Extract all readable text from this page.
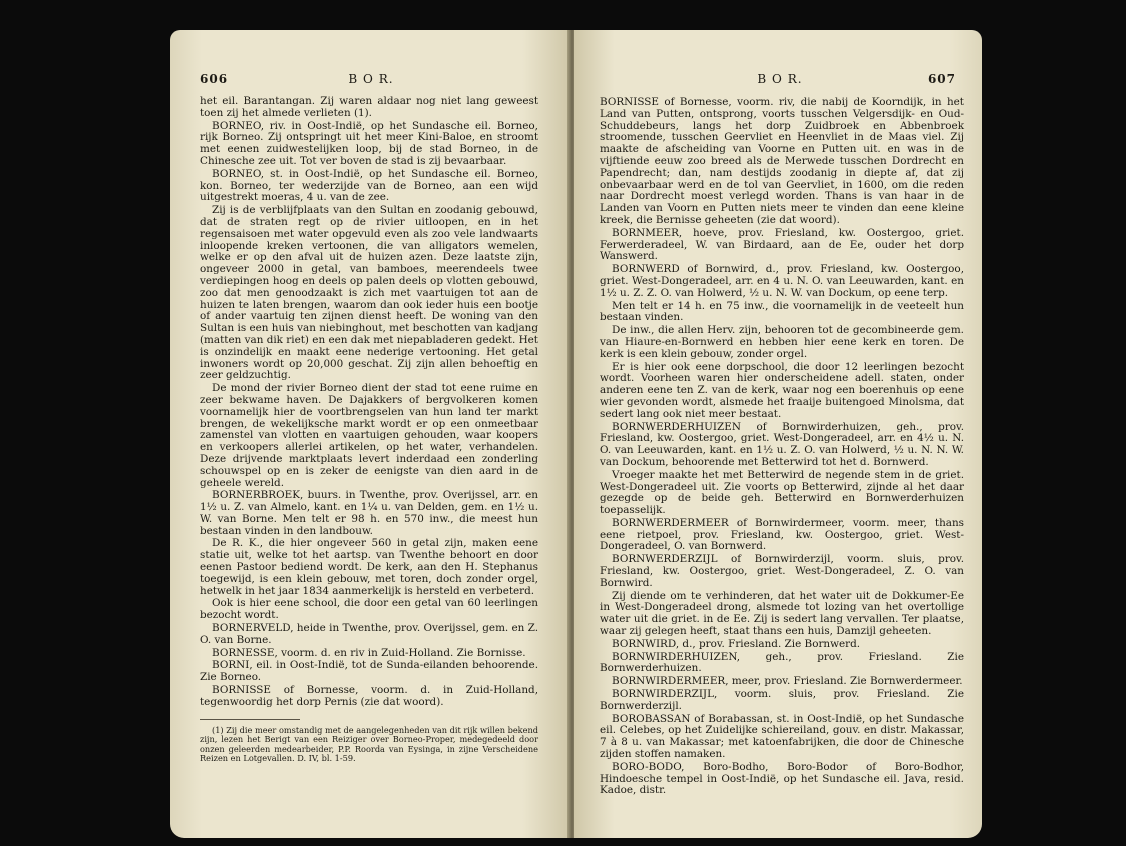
606	B O R.

het eil. Barantangan. Zij waren aldaar nog niet lang geweest toen zij het almede verlieten (1).

BORNEO, riv. in Oost-Indië, op het Sundasche eil. Borneo, rijk Borneo. Zij ontspringt uit het meer Kini-Baloe, en stroomt met eenen zuidwestelijken loop, bij de stad Borneo, in de Chinesche zee uit. Tot ver boven de stad is zij bevaarbaar.

BORNEO, st. in Oost-Indië, op het Sundasche eil. Borneo, kon. Borneo, ter wederzijde van de Borneo, aan een wijd uitgestrekt moeras, 4 u. van de zee.

Zij is de verblijfplaats van den Sultan en zoodanig gebouwd, dat de straten regt op de rivier uitloopen, en in het regensaisoen met water opgevuld even als zoo vele landwaarts inloopende kreken vertoonen, die van alligators wemelen, welke er op den afval uit de huizen azen. Deze laatste zijn, ongeveer 2000 in getal, van bamboes, meerendeels twee verdiepingen hoog en deels op palen deels op vlotten gebouwd, zoo dat men genoodzaakt is zich met vaartuigen tot aan de huizen te laten brengen, waarom dan ook ieder huis een bootje of ander vaartuig ten zijnen dienst heeft. De woning van den Sultan is een huis van niebinghout, met beschotten van kadjang (matten van dik riet) en een dak met niepabladeren gedekt. Het is onzindelijk en maakt eene nederige vertooning. Het getal inwoners wordt op 20,000 geschat. Zij zijn allen behoeftig en zeer geldzuchtig.

De mond der rivier Borneo dient der stad tot eene ruime en zeer bekwame haven. De Dajakkers of bergvolkeren komen voornamelijk hier de voortbrengselen van hun land ter markt brengen, de wekelijksche markt wordt er op een onmeetbaar zamenstel van vlotten en vaartuigen gehouden, waar koopers en verkoopers allerlei artikelen, op het water, verhandelen. Deze drijvende marktplaats levert inderdaad een zonderling schouwspel op en is zeker de eenigste van dien aard in de geheele wereld.

BORNERBROEK, buurs. in Twenthe, prov. Overijssel, arr. en 1½ u. Z. van Almelo, kant. en 1¼ u. van Delden, gem. en 1½ u. W. van Borne. Men telt er 98 h. en 570 inw., die meest hun bestaan vinden in den landbouw.

De R. K., die hier ongeveer 560 in getal zijn, maken eene statie uit, welke tot het aartsp. van Twenthe behoort en door eenen Pastoor bediend wordt. De kerk, aan den H. Stephanus toegewijd, is een klein gebouw, met toren, doch zonder orgel, hetwelk in het jaar 1834 aanmerkelijk is hersteld en verbeterd.

Ook is hier eene school, die door een getal van 60 leerlingen bezocht wordt.

BORNERVELD, heide in Twenthe, prov. Overijssel, gem. en Z. O. van Borne.

BORNESSE, voorm. d. en riv in Zuid-Holland. Zie Bornisse.

BORNI, eil. in Oost-Indië, tot de Sunda-eilanden behoorende. Zie Borneo.

BORNISSE of Bornesse, voorm. d. in Zuid-Holland, tegenwoordig het dorp Pernis (zie dat woord).

(1) Zij die meer omstandig met de aangelegenheden van dit rijk willen bekend zijn, lezen het Berigt van een Reiziger over Borneo-Proper, medegedeeld door onzen geleerden medearbeider, P.P. Roorda van Eysinga, in zijne Verscheidene Reizen en Lotgevallen. D. IV, bl. 1-59.

B O R.	607

BORNISSE of Bornesse, voorm. riv, die nabij de Koorndijk, in het Land van Putten, ontsprong, voorts tusschen Velgersdijk- en Oud-Schuddebeurs, langs het dorp Zuidbroek en Abbenbroek stroomende, tusschen Geervliet en Heenvliet in de Maas viel. Zij maakte de afscheiding van Voorne en Putten uit. en was in de vijftiende eeuw zoo breed als de Merwede tusschen Dordrecht en Papendrecht; dan, nam destijds zoodanig in diepte af, dat zij onbevaarbaar werd en de tol van Geervliet, in 1600, om die reden naar Dordrecht moest verlegd worden. Thans is van haar in de Landen van Voorn en Putten niets meer te vinden dan eene kleine kreek, die Bernisse geheeten (zie dat woord).

BORNMEER, hoeve, prov. Friesland, kw. Oostergoo, griet. Ferwerderadeel, W. van Birdaard, aan de Ee, ouder het dorp Wanswerd.

BORNWERD of Bornwird, d., prov. Friesland, kw. Oostergoo, griet. West-Dongeradeel, arr. en 4 u. N. O. van Leeuwarden, kant. en 1½ u. Z. Z. O. van Holwerd, ½ u. N. W. van Dockum, op eene terp.

Men telt er 14 h. en 75 inw., die voornamelijk in de veeteelt hun bestaan vinden.

De inw., die allen Herv. zijn, behooren tot de gecombineerde gem. van Hiaure-en-Bornwerd en hebben hier eene kerk en toren. De kerk is een klein gebouw, zonder orgel.

Er is hier ook eene dorpschool, die door 12 leerlingen bezocht wordt. Voorheen waren hier onderscheidene adell. staten, onder anderen eene ten Z. van de kerk, waar nog een boerenhuis op eene wier gevonden wordt, alsmede het fraaije buitengoed Minolsma, dat sedert lang ook niet meer bestaat.

BORNWERDERHUIZEN of Bornwirderhuizen, geh., prov. Friesland, kw. Oostergoo, griet. West-Dongeradeel, arr. en 4½ u. N. O. van Leeuwarden, kant. en 1½ u. Z. O. van Holwerd, ½ u. N. N. W. van Dockum, behoorende met Betterwird tot het d. Bornwerd.

Vroeger maakte het met Betterwird de negende stem in de griet. West-Dongeradeel uit. Zie voorts op Betterwird, zijnde al het daar gezegde op de beide geh. Betterwird en Bornwerderhuizen toepasselijk.

BORNWERDERMEER of Bornwirdermeer, voorm. meer, thans eene rietpoel, prov. Friesland, kw. Oostergoo, griet. West-Dongeradeel, O. van Bornwerd.

BORNWERDERZIJL of Bornwirderzijl, voorm. sluis, prov. Friesland, kw. Oostergoo, griet. West-Dongeradeel, Z. O. van Bornwird.

Zij diende om te verhinderen, dat het water uit de Dokkumer-Ee in West-Dongeradeel drong, alsmede tot lozing van het overtollige water uit die griet. in de Ee. Zij is sedert lang vervallen. Ter plaatse, waar zij gelegen heeft, staat thans een huis, Damzijl geheeten.

BORNWIRD, d., prov. Friesland. Zie Bornwerd.

BORNWIRDERHUIZEN, geh., prov. Friesland. Zie Bornwerderhuizen.

BORNWIRDERMEER, meer, prov. Friesland. Zie Bornwerdermeer.

BORNWIRDERZIJL, voorm. sluis, prov. Friesland. Zie Bornwerderzijl.

BOROBASSAN of Borabassan, st. in Oost-Indië, op het Sundasche eil. Celebes, op het Zuidelijke schiereiland, gouv. en distr. Makassar, 7 à 8 u. van Makassar; met katoenfabrijken, die door de Chinesche zijden stoffen namaken.

BORO-BODO, Boro-Bodho, Boro-Bodor of Boro-Bodhor, Hindoesche tempel in Oost-Indië, op het Sundasche eil. Java, resid. Kadoe, distr.
